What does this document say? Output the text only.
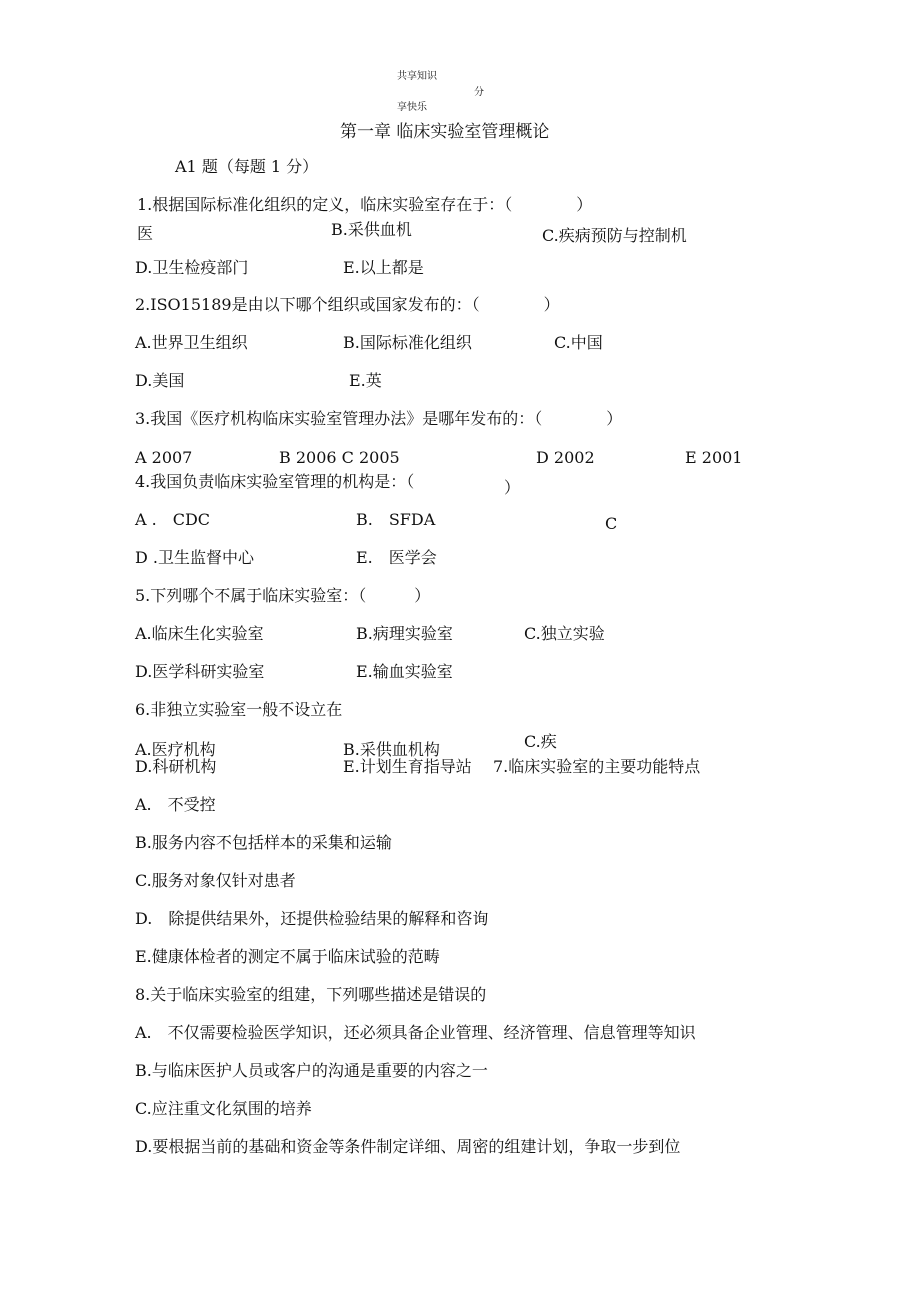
共享知识
分
享快乐
第一章 临床实验室管理概论
A1 题（每题 1 分）
1.根据国际标准化组织的定义，临床实验室存在于：（　　　　）
医	B.采供血机	C.疾病预防与控制机
D.卫生检疫部门	E.以上都是
2.ISO15189是由以下哪个组织或国家发布的：（　　　　）
A.世界卫生组织	B.国际标准化组织	C.中国
D.美国	E.英
3.我国《医疗机构临床实验室管理办法》是哪年发布的：（　　　　）
A 2007	B 2006 C 2005	D 2002	E 2001
4.我国负责临床实验室管理的机构是：（	）
A .　CDC	B.　SFDA	C
D .卫生监督中心	E.　医学会
5.下列哪个不属于临床实验室：（　　　）
A.临床生化实验室	B.病理实验室	C.独立实验
D.医学科研实验室	E.输血实验室
6.非独立实验室一般不设立在
A.医疗机构	B.采供血机构	C.疾
D.科研机构	E.计划生育指导站 7.临床实验室的主要功能特点
A.　不受控
B.服务内容不包括样本的采集和运输
C.服务对象仅针对患者
D.　除提供结果外，还提供检验结果的解释和咨询
E.健康体检者的测定不属于临床试验的范畴
8.关于临床实验室的组建，下列哪些描述是错误的
A.　不仅需要检验医学知识，还必须具备企业管理、经济管理、信息管理等知识
B.与临床医护人员或客户的沟通是重要的内容之一
C.应注重文化氛围的培养
D.要根据当前的基础和资金等条件制定详细、周密的组建计划，争取一步到位
